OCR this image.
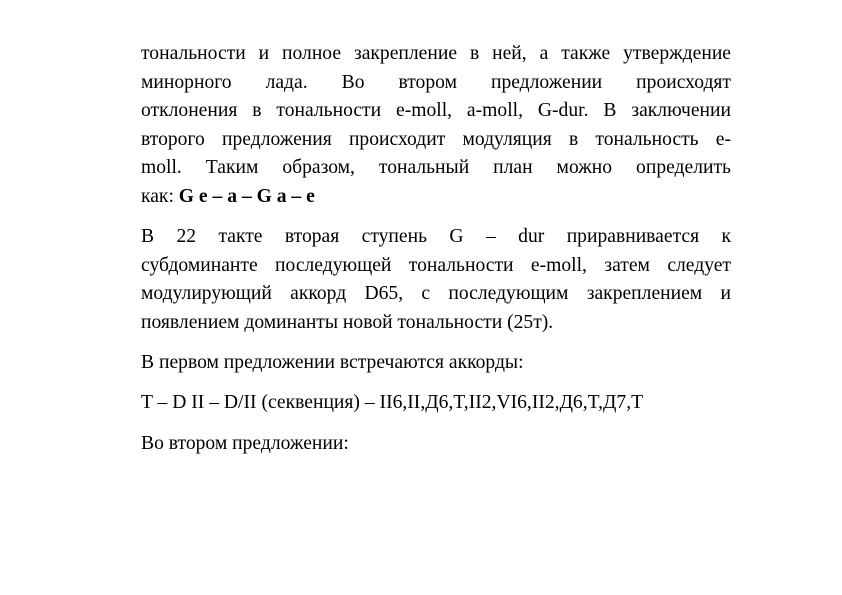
тональности и полное закрепление в ней, а также утверждение
минорного лада. Во втором предложении происходят
отклонения в тональности e-moll, a-moll, G-dur. В заключении
второго предложения происходит модуляция в тональность e-
moll. Таким образом, тональный план можно определить
как: G e – a – G a – e

В 22 такте вторая ступень G – dur приравнивается к
субдоминанте последующей тональности e-moll, затем следует
модулирующий аккорд D65, с последующим закреплением и
появлением доминанты новой тональности (25т).

В первом предложении встречаются аккорды:

T – D II – D/II (секвенция) – II6,II,Д6,T,II2,VI6,II2,Д6,T,Д7,T

Во втором предложении:
